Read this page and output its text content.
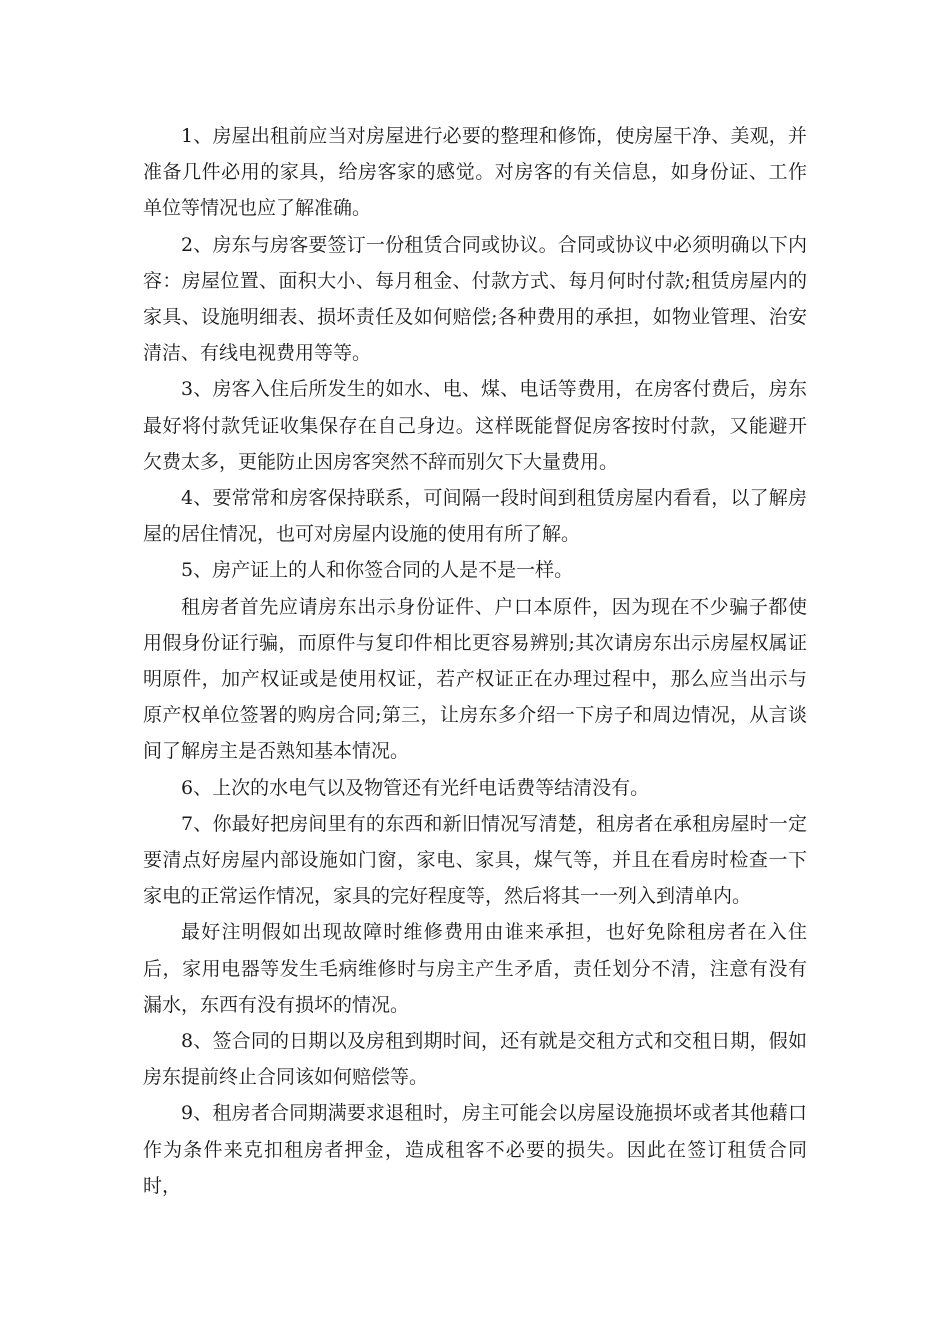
1、房屋出租前应当对房屋进行必要的整理和修饰，使房屋干净、美观，并准备几件必用的家具，给房客家的感觉。对房客的有关信息，如身份证、工作单位等情况也应了解准确。

2、房东与房客要签订一份租赁合同或协议。合同或协议中必须明确以下内容：房屋位置、面积大小、每月租金、付款方式、每月何时付款;租赁房屋内的家具、设施明细表、损坏责任及如何赔偿;各种费用的承担，如物业管理、治安清洁、有线电视费用等等。

3、房客入住后所发生的如水、电、煤、电话等费用，在房客付费后，房东最好将付款凭证收集保存在自己身边。这样既能督促房客按时付款，又能避开欠费太多，更能防止因房客突然不辞而别欠下大量费用。

4、要常常和房客保持联系，可间隔一段时间到租赁房屋内看看，以了解房屋的居住情况，也可对房屋内设施的使用有所了解。

5、房产证上的人和你签合同的人是不是一样。

租房者首先应请房东出示身份证件、户口本原件，因为现在不少骗子都使用假身份证行骗，而原件与复印件相比更容易辨别;其次请房东出示房屋权属证明原件，加产权证或是使用权证，若产权证正在办理过程中，那么应当出示与原产权单位签署的购房合同;第三，让房东多介绍一下房子和周边情况，从言谈间了解房主是否熟知基本情况。

6、上次的水电气以及物管还有光纤电话费等结清没有。

7、你最好把房间里有的东西和新旧情况写清楚，租房者在承租房屋时一定要清点好房屋内部设施如门窗，家电、家具，煤气等，并且在看房时检查一下家电的正常运作情况，家具的完好程度等，然后将其一一列入到清单内。

最好注明假如出现故障时维修费用由谁来承担，也好免除租房者在入住后，家用电器等发生毛病维修时与房主产生矛盾，责任划分不清，注意有没有漏水，东西有没有损坏的情况。

8、签合同的日期以及房租到期时间，还有就是交租方式和交租日期，假如房东提前终止合同该如何赔偿等。

9、租房者合同期满要求退租时，房主可能会以房屋设施损坏或者其他藉口作为条件来克扣租房者押金，造成租客不必要的损失。因此在签订租赁合同时，
